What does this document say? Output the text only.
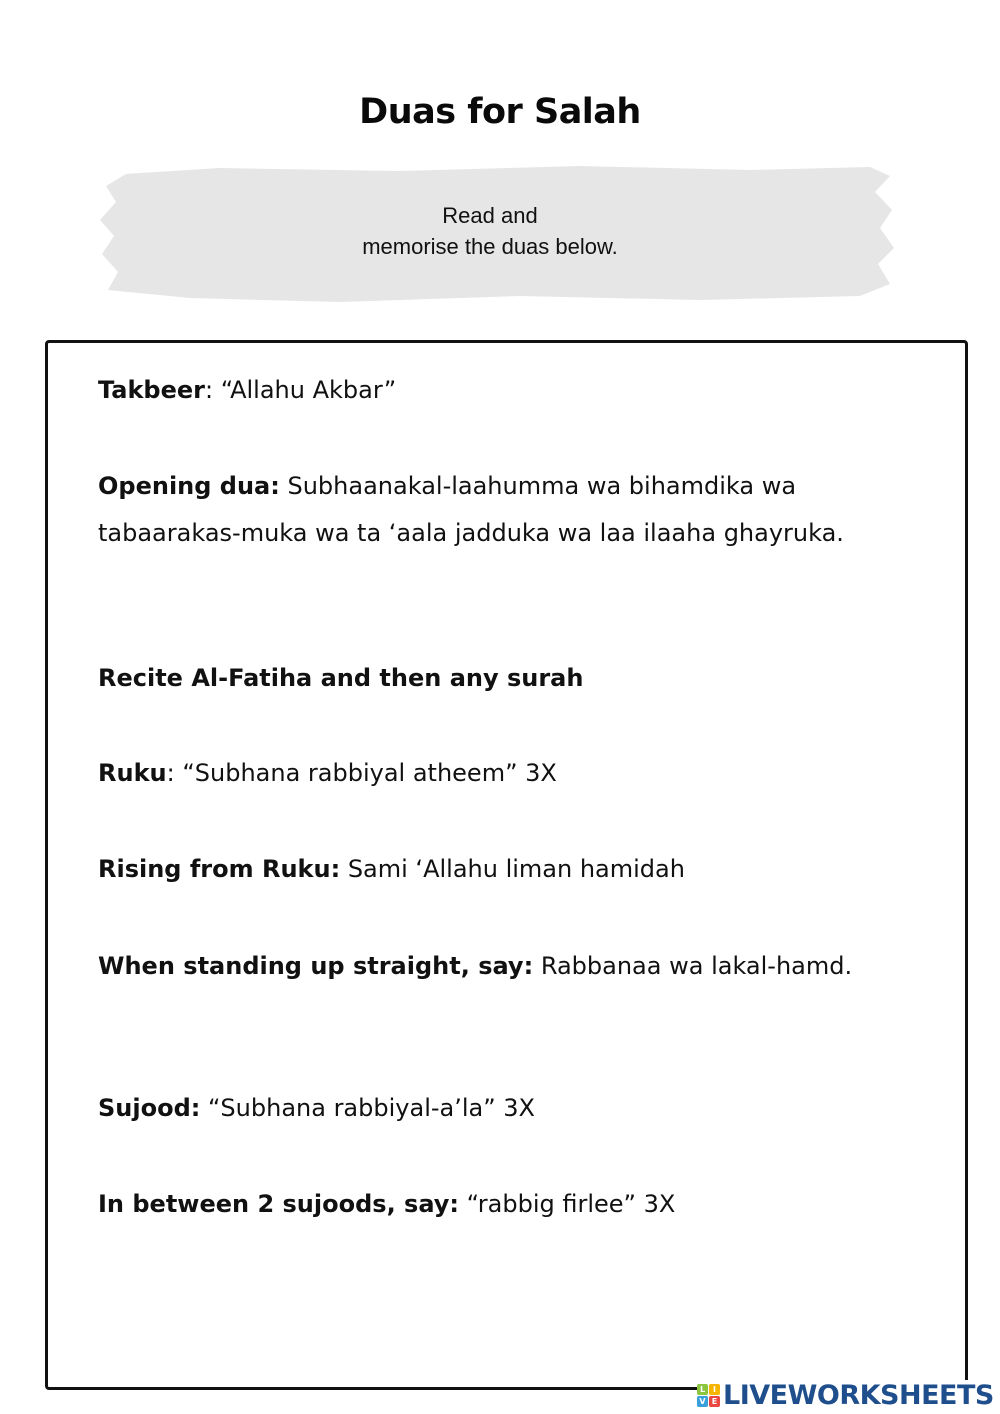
Duas for Salah
Read and
memorise the duas below.
Takbeer: “Allahu Akbar”
Opening dua: Subhaanakal-laahumma wa bihamdika wa tabaarakas-muka wa ta ‘aala jadduka wa laa ilaaha ghayruka.
Recite Al-Fatiha and then any surah
Ruku: “Subhana rabbiyal atheem” 3X
Rising from Ruku: Sami ‘Allahu liman hamidah
When standing up straight, say: Rabbanaa wa lakal-hamd.
Sujood: “Subhana rabbiyal-a’la” 3X
In between 2 sujoods, say: “rabbig firlee” 3X
L I
V E LIVEWORKSHEETS
